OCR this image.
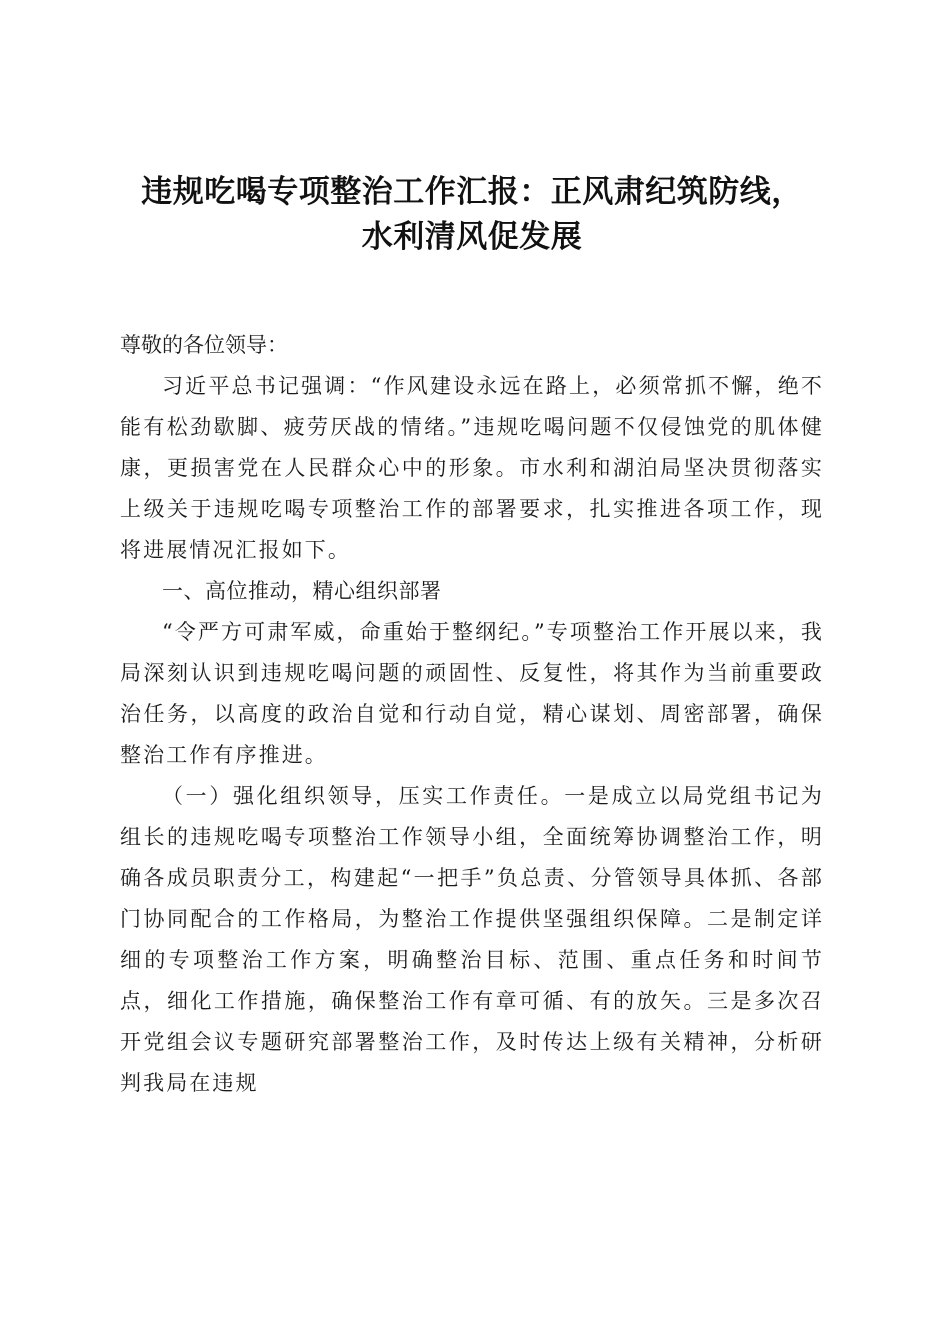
违规吃喝专项整治工作汇报：正风肃纪筑防线，
水利清风促发展
尊敬的各位领导：

习近平总书记强调：“作风建设永远在路上，必须常抓不懈，绝不能有松劲歇脚、疲劳厌战的情绪。”违规吃喝问题不仅侵蚀党的肌体健康，更损害党在人民群众心中的形象。市水利和湖泊局坚决贯彻落实上级关于违规吃喝专项整治工作的部署要求，扎实推进各项工作，现将进展情况汇报如下。

一、高位推动，精心组织部署

“令严方可肃军威，命重始于整纲纪。”专项整治工作开展以来，我局深刻认识到违规吃喝问题的顽固性、反复性，将其作为当前重要政治任务，以高度的政治自觉和行动自觉，精心谋划、周密部署，确保整治工作有序推进。

（一）强化组织领导，压实工作责任。一是成立以局党组书记为组长的违规吃喝专项整治工作领导小组，全面统筹协调整治工作，明确各成员职责分工，构建起“一把手”负总责、分管领导具体抓、各部门协同配合的工作格局，为整治工作提供坚强组织保障。二是制定详细的专项整治工作方案，明确整治目标、范围、重点任务和时间节点，细化工作措施，确保整治工作有章可循、有的放矢。三是多次召开党组会议专题研究部署整治工作，及时传达上级有关精神，分析研判我局在违规
